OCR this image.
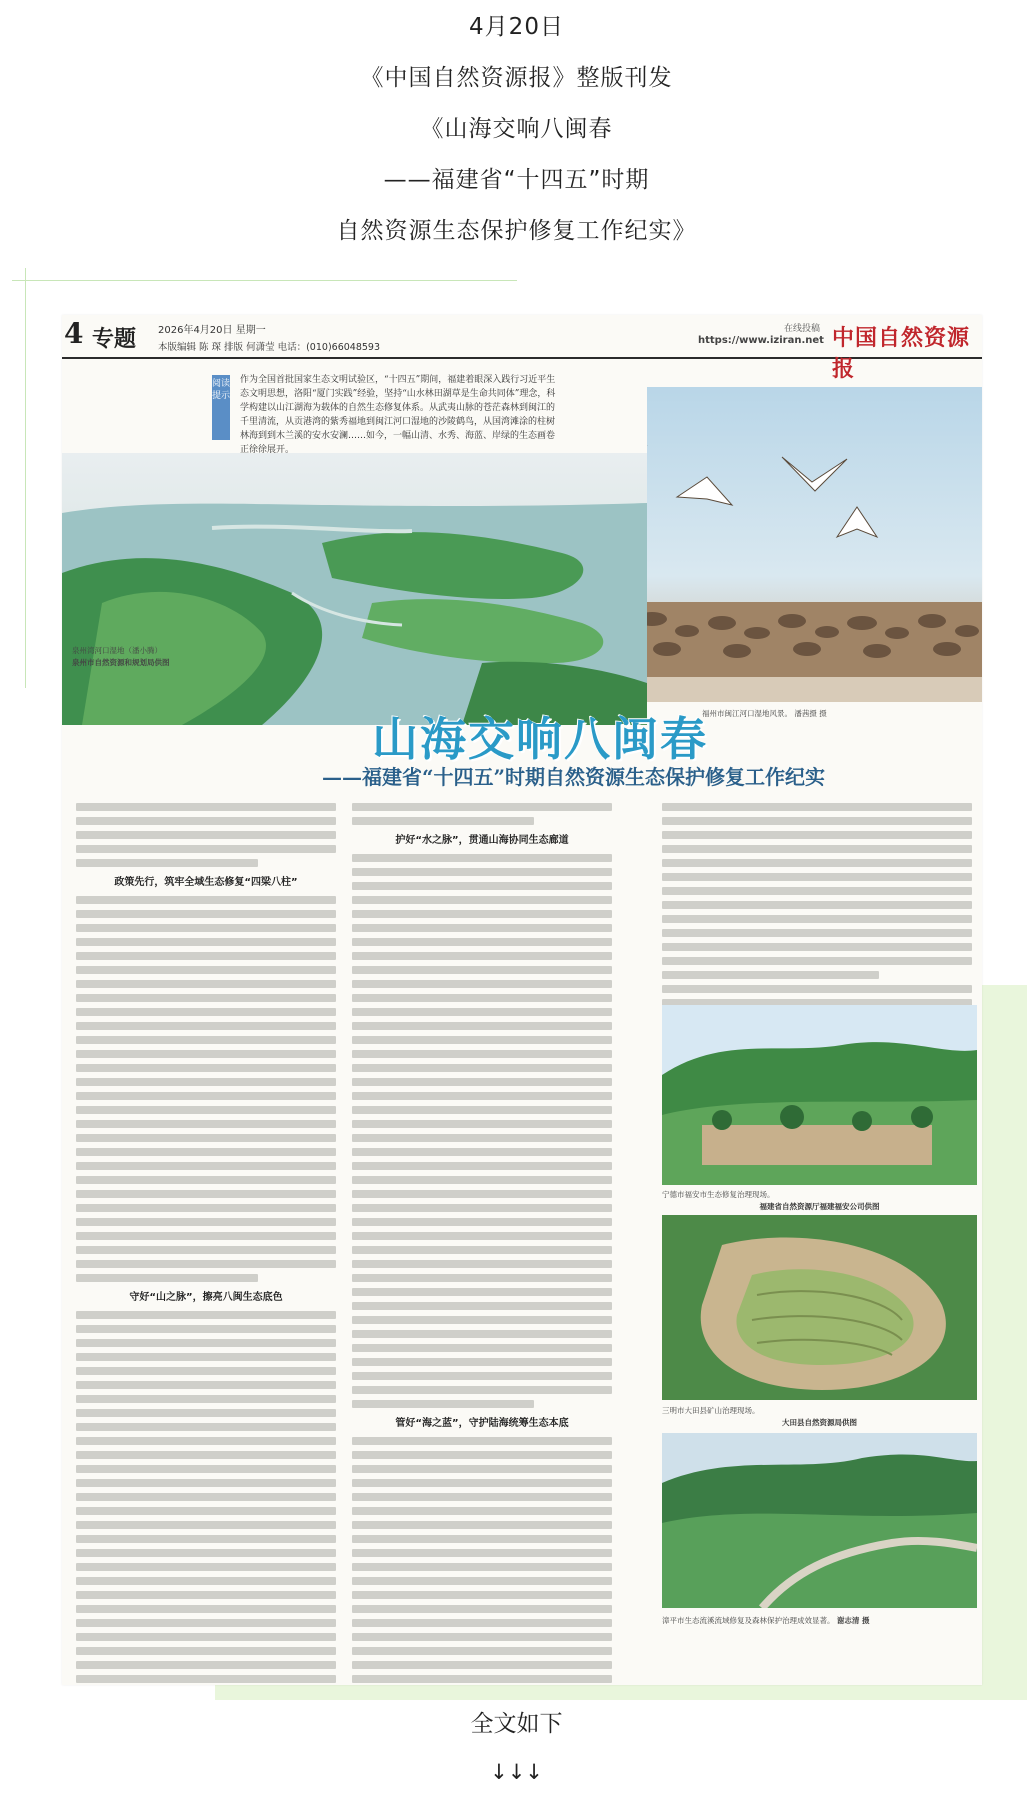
4月20日
《中国自然资源报》整版刊发
《山海交响八闽春
——福建省“十四五”时期
自然资源生态保护修复工作纪实》
4 专题 2026年4月20日 星期一
本版编辑 陈 琛 排版 何潇莹 电话：(010)66048593
在线投稿
https://www.iziran.net 中国自然资源报
阅读提示
作为全国首批国家生态文明试验区，“十四五”期间，福建着眼深入践行习近平生态文明思想，洛阳“厦门实践”经验，坚持“山水林田湖草是生命共同体”理念，科学构建以山江湖海为载体的自然生态修复体系。从武夷山脉的苍茫森林到闽江的千里清流，从贡港湾的紫秀福地到闽江河口湿地的沙陵鹤鸟，从国湾滩涂的柱树林海到到木兰溪的安水安澜……如今，一幅山清、水秀、海蓝、岸绿的生态画卷正徐徐展开。
泉州湾河口湿地（潘小腾）
泉州市自然资源和规划局供图
福州市闽江河口湿地风景。 潘茜摄 摄
山海交响八闽春
——福建省“十四五”时期自然资源生态保护修复工作纪实
政策先行，筑牢全域生态修复“四梁八柱”
守好“山之脉”，擦亮八闽生态底色
护好“水之脉”，贯通山海协同生态廊道
管好“海之蓝”，守护陆海统筹生态本底
宁德市福安市生态修复治理现场。
福建省自然资源厅福建福安公司供图
三明市大田县矿山治理现场。
大田县自然资源局供图
漳平市生态流溪流域修复及森林保护治理成效显著。 谢志清 摄
全文如下
↓↓↓
